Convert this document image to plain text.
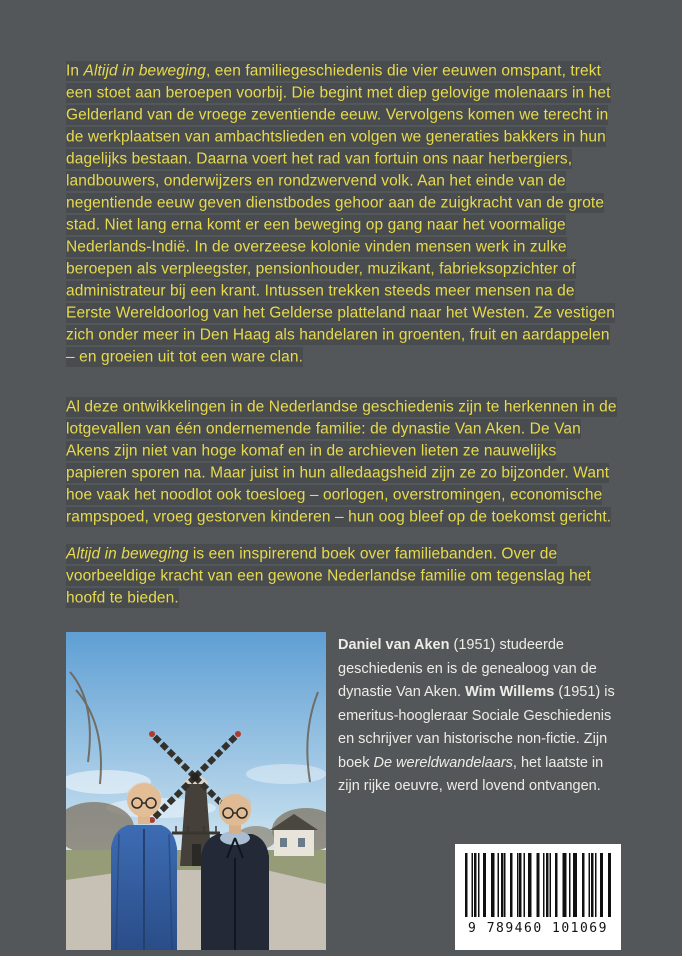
In Altijd in beweging, een familiegeschiedenis die vier eeuwen omspant, trekt een stoet aan beroepen voorbij. Die begint met diep gelovige molenaars in het Gelderland van de vroege zeventiende eeuw. Vervolgens komen we terecht in de werkplaatsen van ambachtslieden en volgen we generaties bakkers in hun dagelijks bestaan. Daarna voert het rad van fortuin ons naar herbergiers, landbouwers, onderwijzers en rondzwervend volk. Aan het einde van de negentiende eeuw geven dienstbodes gehoor aan de zuigkracht van de grote stad. Niet lang erna komt er een beweging op gang naar het voormalige Nederlands-Indië. In de overzeese kolonie vinden mensen werk in zulke beroepen als verpleegster, pensionhouder, muzikant, fabrieksopzichter of administrateur bij een krant. Intussen trekken steeds meer mensen na de Eerste Wereldoorlog van het Gelderse platteland naar het Westen. Ze vestigen zich onder meer in Den Haag als handelaren in groenten, fruit en aardappelen – en groeien uit tot een ware clan.

Al deze ontwikkelingen in de Nederlandse geschiedenis zijn te herkennen in de lotgevallen van één ondernemende familie: de dynastie Van Aken. De Van Akens zijn niet van hoge komaf en in de archieven lieten ze nauwelijks papieren sporen na. Maar juist in hun alledaagsheid zijn ze zo bijzonder. Want hoe vaak het noodlot ook toesloeg – oorlogen, overstromingen, economische rampspoed, vroeg gestorven kinderen – hun oog bleef op de toekomst gericht.

Altijd in beweging is een inspirerend boek over familiebanden. Over de voorbeeldige kracht van een gewone Nederlandse familie om tegenslag het hoofd te bieden.

Daniel van Aken (1951) studeerde geschiedenis en is de genealoog van de dynastie Van Aken. Wim Willems (1951) is emeritus-hoogleraar Sociale Geschiedenis en schrijver van historische non-fictie. Zijn boek De wereldwandelaars, het laatste in zijn rijke oeuvre, werd lovend ontvangen.

9 789460 101069
